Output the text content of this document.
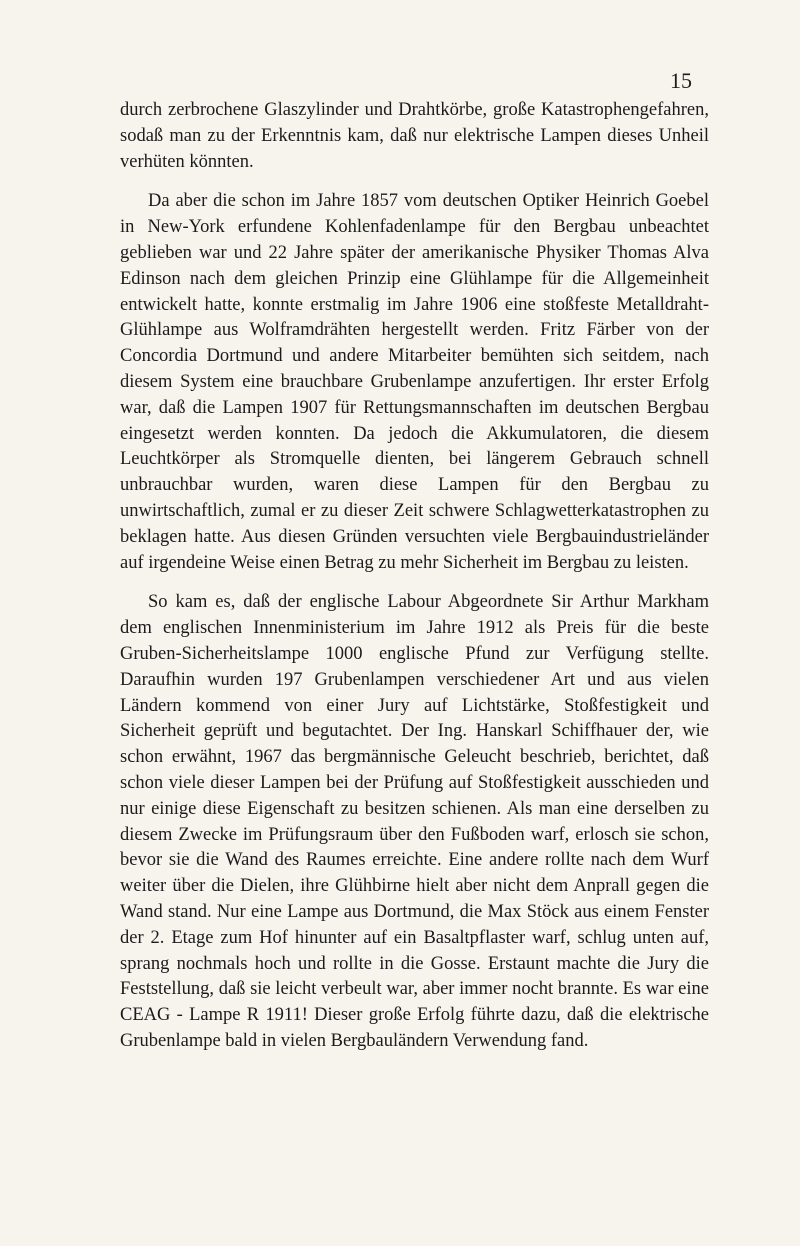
15

durch zerbrochene Glaszylinder und Drahtkörbe, große Katastrophengefahren, sodaß man zu der Erkenntnis kam, daß nur elektrische Lampen dieses Unheil verhüten könnten.

Da aber die schon im Jahre 1857 vom deutschen Optiker Heinrich Goebel in New-York erfundene Kohlenfadenlampe für den Bergbau unbeachtet geblieben war und 22 Jahre später der amerikanische Physiker Thomas Alva Edinson nach dem gleichen Prinzip eine Glühlampe für die Allgemeinheit entwickelt hatte, konnte erstmalig im Jahre 1906 eine stoßfeste Metalldraht-Glühlampe aus Wolframdrähten hergestellt werden. Fritz Färber von der Concordia Dortmund und andere Mitarbeiter bemühten sich seitdem, nach diesem System eine brauchbare Grubenlampe anzufertigen. Ihr erster Erfolg war, daß die Lampen 1907 für Rettungsmannschaften im deutschen Bergbau eingesetzt werden konnten. Da jedoch die Akkumulatoren, die diesem Leuchtkörper als Stromquelle dienten, bei längerem Gebrauch schnell unbrauchbar wurden, waren diese Lampen für den Bergbau zu unwirtschaftlich, zumal er zu dieser Zeit schwere Schlagwetterkatastrophen zu beklagen hatte. Aus diesen Gründen versuchten viele Bergbauindustrieländer auf irgendeine Weise einen Betrag zu mehr Sicherheit im Bergbau zu leisten.

So kam es, daß der englische Labour Abgeordnete Sir Arthur Markham dem englischen Innenministerium im Jahre 1912 als Preis für die beste Gruben-Sicherheitslampe 1000 englische Pfund zur Verfügung stellte. Daraufhin wurden 197 Grubenlampen verschiedener Art und aus vielen Ländern kommend von einer Jury auf Lichtstärke, Stoßfestigkeit und Sicherheit geprüft und begutachtet. Der Ing. Hanskarl Schiffhauer der, wie schon erwähnt, 1967 das bergmännische Geleucht beschrieb, berichtet, daß schon viele dieser Lampen bei der Prüfung auf Stoßfestigkeit ausschieden und nur einige diese Eigenschaft zu besitzen schienen. Als man eine derselben zu diesem Zwecke im Prüfungsraum über den Fußboden warf, erlosch sie schon, bevor sie die Wand des Raumes erreichte. Eine andere rollte nach dem Wurf weiter über die Dielen, ihre Glühbirne hielt aber nicht dem Anprall gegen die Wand stand. Nur eine Lampe aus Dortmund, die Max Stöck aus einem Fenster der 2. Etage zum Hof hinunter auf ein Basaltpflaster warf, schlug unten auf, sprang nochmals hoch und rollte in die Gosse. Erstaunt machte die Jury die Feststellung, daß sie leicht verbeult war, aber immer nocht brannte. Es war eine CEAG - Lampe R 1911! Dieser große Erfolg führte dazu, daß die elektrische Grubenlampe bald in vielen Bergbauländern Verwendung fand.
